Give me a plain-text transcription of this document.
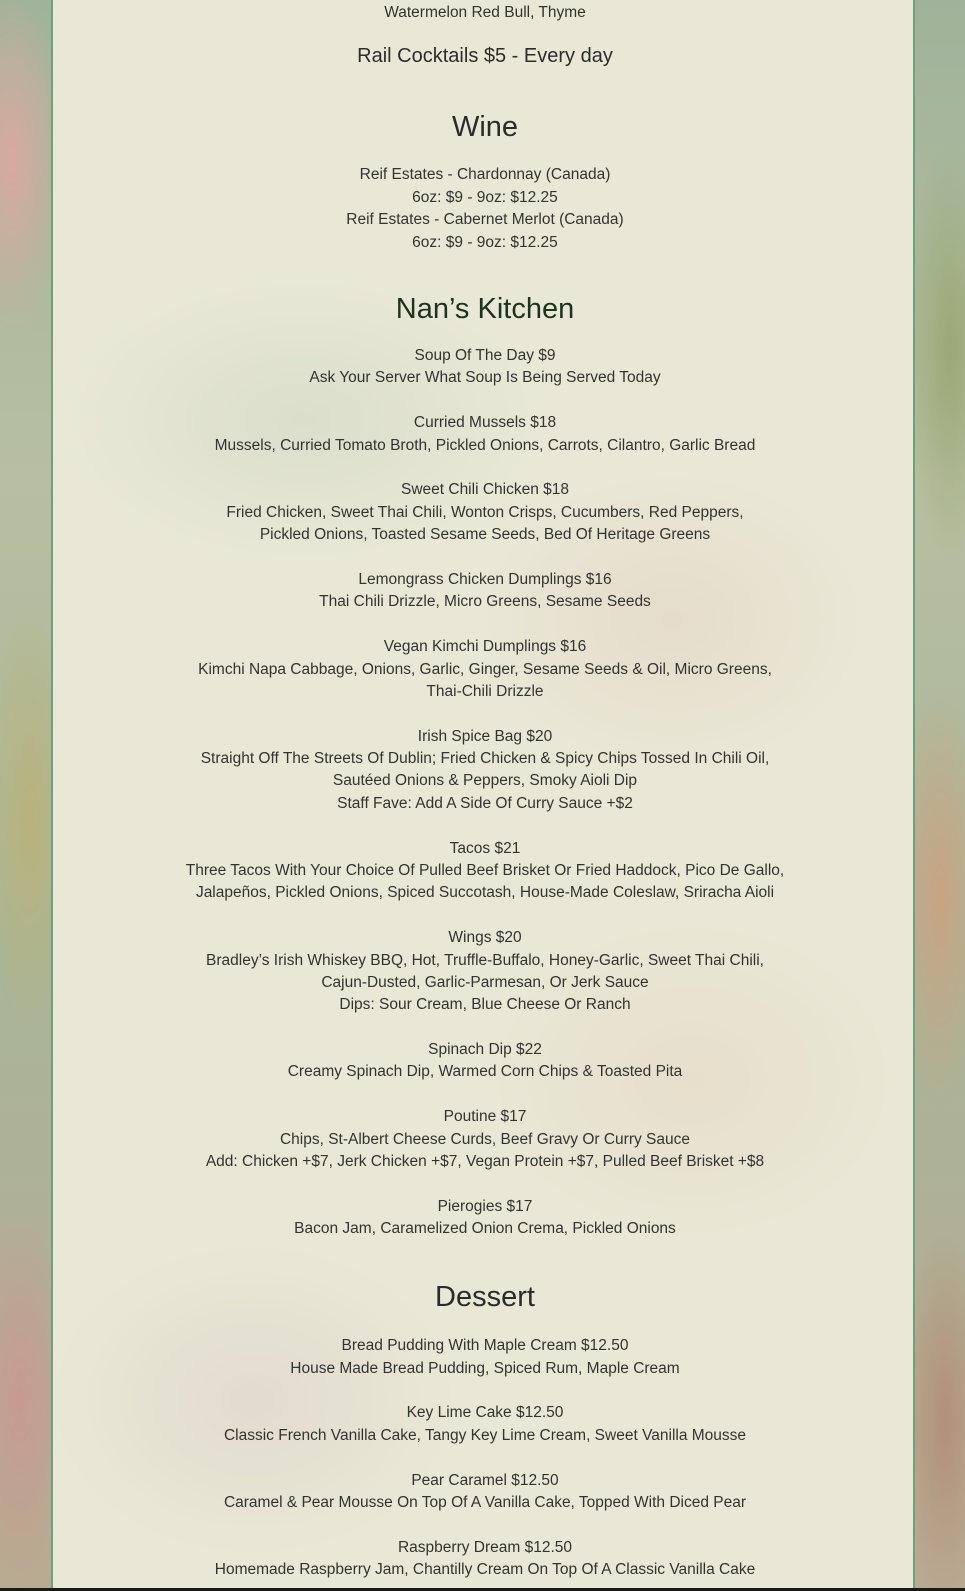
Watermelon Red Bull, Thyme
Rail Cocktails $5 - Every day
Wine
Reif Estates - Chardonnay (Canada)
6oz: $9 - 9oz: $12.25
Reif Estates - Cabernet Merlot (Canada)
6oz: $9 - 9oz: $12.25
Nan’s Kitchen
Soup Of The Day $9
Ask Your Server What Soup Is Being Served Today
Curried Mussels $18
Mussels, Curried Tomato Broth, Pickled Onions, Carrots, Cilantro, Garlic Bread
Sweet Chili Chicken $18
Fried Chicken, Sweet Thai Chili, Wonton Crisps, Cucumbers, Red Peppers,
Pickled Onions, Toasted Sesame Seeds, Bed Of Heritage Greens
Lemongrass Chicken Dumplings $16
Thai Chili Drizzle, Micro Greens, Sesame Seeds
Vegan Kimchi Dumplings $16
Kimchi Napa Cabbage, Onions, Garlic, Ginger, Sesame Seeds & Oil, Micro Greens,
Thai-Chili Drizzle
Irish Spice Bag $20
Straight Off The Streets Of Dublin; Fried Chicken & Spicy Chips Tossed In Chili Oil,
Sautéed Onions & Peppers, Smoky Aioli Dip
Staff Fave: Add A Side Of Curry Sauce +$2
Tacos $21
Three Tacos With Your Choice Of Pulled Beef Brisket Or Fried Haddock, Pico De Gallo,
Jalapeños, Pickled Onions, Spiced Succotash, House-Made Coleslaw, Sriracha Aioli
Wings $20
Bradley’s Irish Whiskey BBQ, Hot, Truffle-Buffalo, Honey-Garlic, Sweet Thai Chili,
Cajun-Dusted, Garlic-Parmesan, Or Jerk Sauce
Dips: Sour Cream, Blue Cheese Or Ranch
Spinach Dip $22
Creamy Spinach Dip, Warmed Corn Chips & Toasted Pita
Poutine $17
Chips, St-Albert Cheese Curds, Beef Gravy Or Curry Sauce
Add: Chicken +$7, Jerk Chicken +$7, Vegan Protein +$7, Pulled Beef Brisket +$8
Pierogies $17
Bacon Jam, Caramelized Onion Crema, Pickled Onions
Dessert
Bread Pudding With Maple Cream $12.50
House Made Bread Pudding, Spiced Rum, Maple Cream
Key Lime Cake $12.50
Classic French Vanilla Cake, Tangy Key Lime Cream, Sweet Vanilla Mousse
Pear Caramel $12.50
Caramel & Pear Mousse On Top Of A Vanilla Cake, Topped With Diced Pear
Raspberry Dream $12.50
Homemade Raspberry Jam, Chantilly Cream On Top Of A Classic Vanilla Cake
